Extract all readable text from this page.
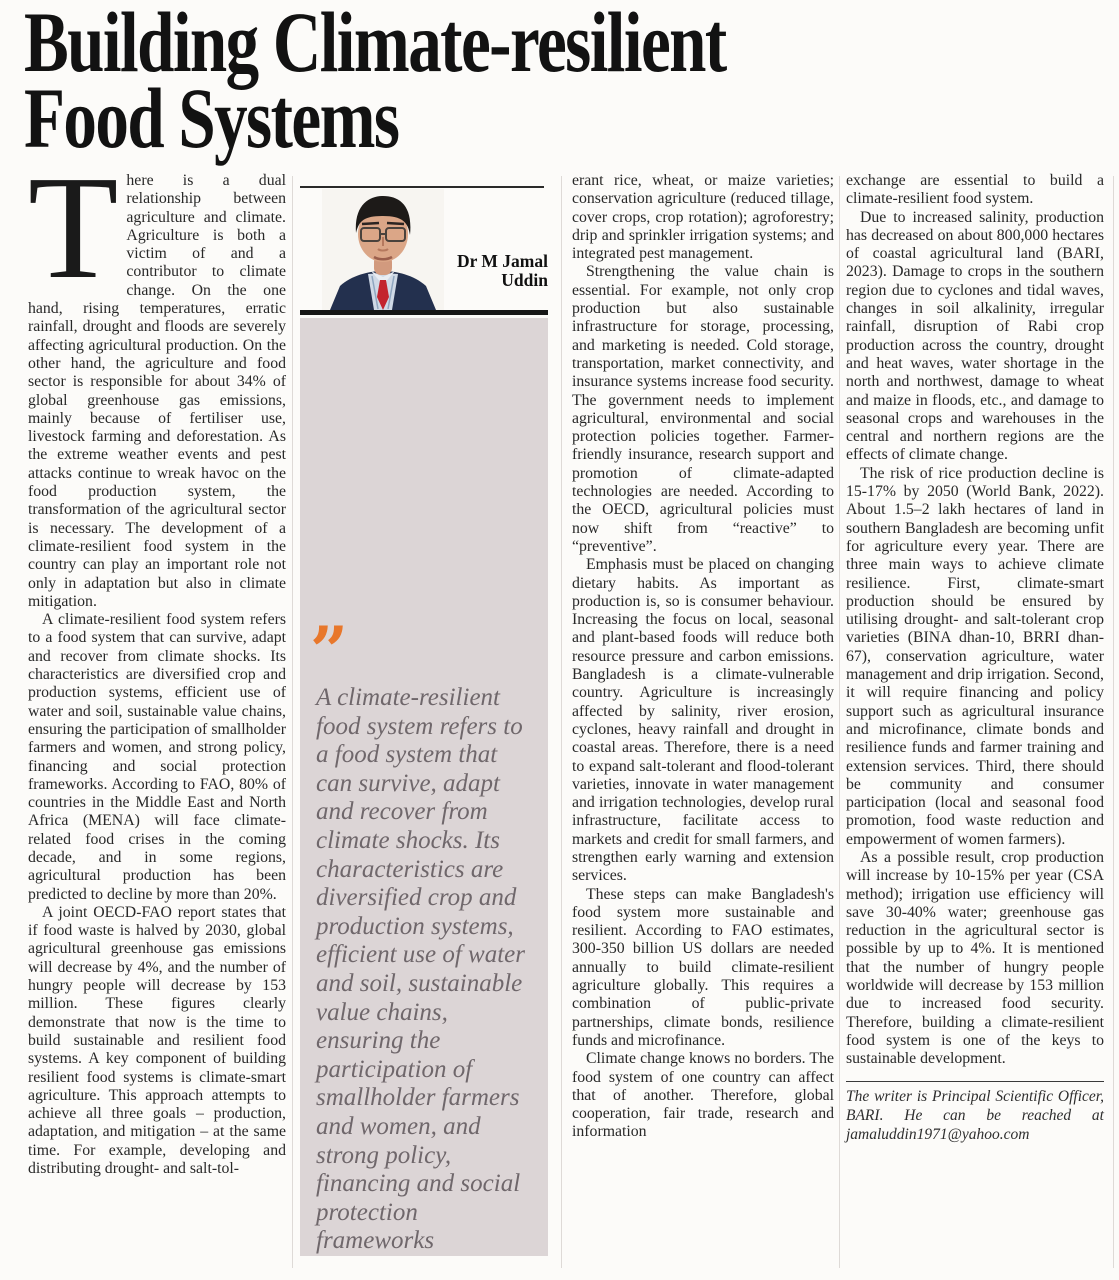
Building Climate-resilient
Food Systems

There is a dual relationship between agriculture and climate. Agriculture is both a victim of and a contributor to climate change. On the one hand, rising temperatures, erratic rainfall, drought and floods are severely affecting agricultural production. On the other hand, the agriculture and food sector is responsible for about 34% of global greenhouse gas emissions, mainly because of fertiliser use, livestock farming and deforestation. As the extreme weather events and pest attacks continue to wreak havoc on the food production system, the transformation of the agricultural sector is necessary. The development of a climate-resilient food system in the country can play an important role not only in adaptation but also in climate mitigation.

A climate-resilient food system refers to a food system that can survive, adapt and recover from climate shocks. Its characteristics are diversified crop and production systems, efficient use of water and soil, sustainable value chains, ensuring the participation of smallholder farmers and women, and strong policy, financing and social protection frameworks. According to FAO, 80% of countries in the Middle East and North Africa (MENA) will face climate-related food crises in the coming decade, and in some regions, agricultural production has been predicted to decline by more than 20%.

A joint OECD-FAO report states that if food waste is halved by 2030, global agricultural greenhouse gas emissions will decrease by 4%, and the number of hungry people will decrease by 153 million. These figures clearly demonstrate that now is the time to build sustainable and resilient food systems. A key component of building resilient food systems is climate-smart agriculture. This approach attempts to achieve all three goals – production, adaptation, and mitigation – at the same time. For example, developing and distributing drought- and salt-tol-

Dr M Jamal
Uddin
”
A climate-resilient food system refers to a food system that can survive, adapt and recover from climate shocks. Its characteristics are diversified crop and production systems, efficient use of water and soil, sustainable value chains, ensuring the participation of smallholder farmers and women, and strong policy, financing and social protection frameworks

erant rice, wheat, or maize varieties; conservation agriculture (reduced tillage, cover crops, crop rotation); agroforestry; drip and sprinkler irrigation systems; and integrated pest management.

Strengthening the value chain is essential. For example, not only crop production but also sustainable infrastructure for storage, processing, and marketing is needed. Cold storage, transportation, market connectivity, and insurance systems increase food security. The government needs to implement agricultural, environmental and social protection policies together. Farmer-friendly insurance, research support and promotion of climate-adapted technologies are needed. According to the OECD, agricultural policies must now shift from “reactive” to “preventive”.

Emphasis must be placed on changing dietary habits. As important as production is, so is consumer behaviour. Increasing the focus on local, seasonal and plant-based foods will reduce both resource pressure and carbon emissions. Bangladesh is a climate-vulnerable country. Agriculture is increasingly affected by salinity, river erosion, cyclones, heavy rainfall and drought in coastal areas. Therefore, there is a need to expand salt-tolerant and flood-tolerant varieties, innovate in water management and irrigation technologies, develop rural infrastructure, facilitate access to markets and credit for small farmers, and strengthen early warning and extension services.

These steps can make Bangladesh's food system more sustainable and resilient. According to FAO estimates, 300-350 billion US dollars are needed annually to build climate-resilient agriculture globally. This requires a combination of public-private partnerships, climate bonds, resilience funds and microfinance.

Climate change knows no borders. The food system of one country can affect that of another. Therefore, global cooperation, fair trade, research and information

exchange are essential to build a climate-resilient food system.

Due to increased salinity, production has decreased on about 800,000 hectares of coastal agricultural land (BARI, 2023). Damage to crops in the southern region due to cyclones and tidal waves, changes in soil alkalinity, irregular rainfall, disruption of Rabi crop production across the country, drought and heat waves, water shortage in the north and northwest, damage to wheat and maize in floods, etc., and damage to seasonal crops and warehouses in the central and northern regions are the effects of climate change.

The risk of rice production decline is 15-17% by 2050 (World Bank, 2022). About 1.5–2 lakh hectares of land in southern Bangladesh are becoming unfit for agriculture every year. There are three main ways to achieve climate resilience. First, climate-smart production should be ensured by utilising drought- and salt-tolerant crop varieties (BINA dhan-10, BRRI dhan-67), conservation agriculture, water management and drip irrigation. Second, it will require financing and policy support such as agricultural insurance and microfinance, climate bonds and resilience funds and farmer training and extension services. Third, there should be community and consumer participation (local and seasonal food promotion, food waste reduction and empowerment of women farmers).

As a possible result, crop production will increase by 10-15% per year (CSA method); irrigation use efficiency will save 30-40% water; greenhouse gas reduction in the agricultural sector is possible by up to 4%. It is mentioned that the number of hungry people worldwide will decrease by 153 million due to increased food security. Therefore, building a climate-resilient food system is one of the keys to sustainable development.

The writer is Principal Scientific Officer, BARI. He can be reached at jamaluddin1971@yahoo.com
